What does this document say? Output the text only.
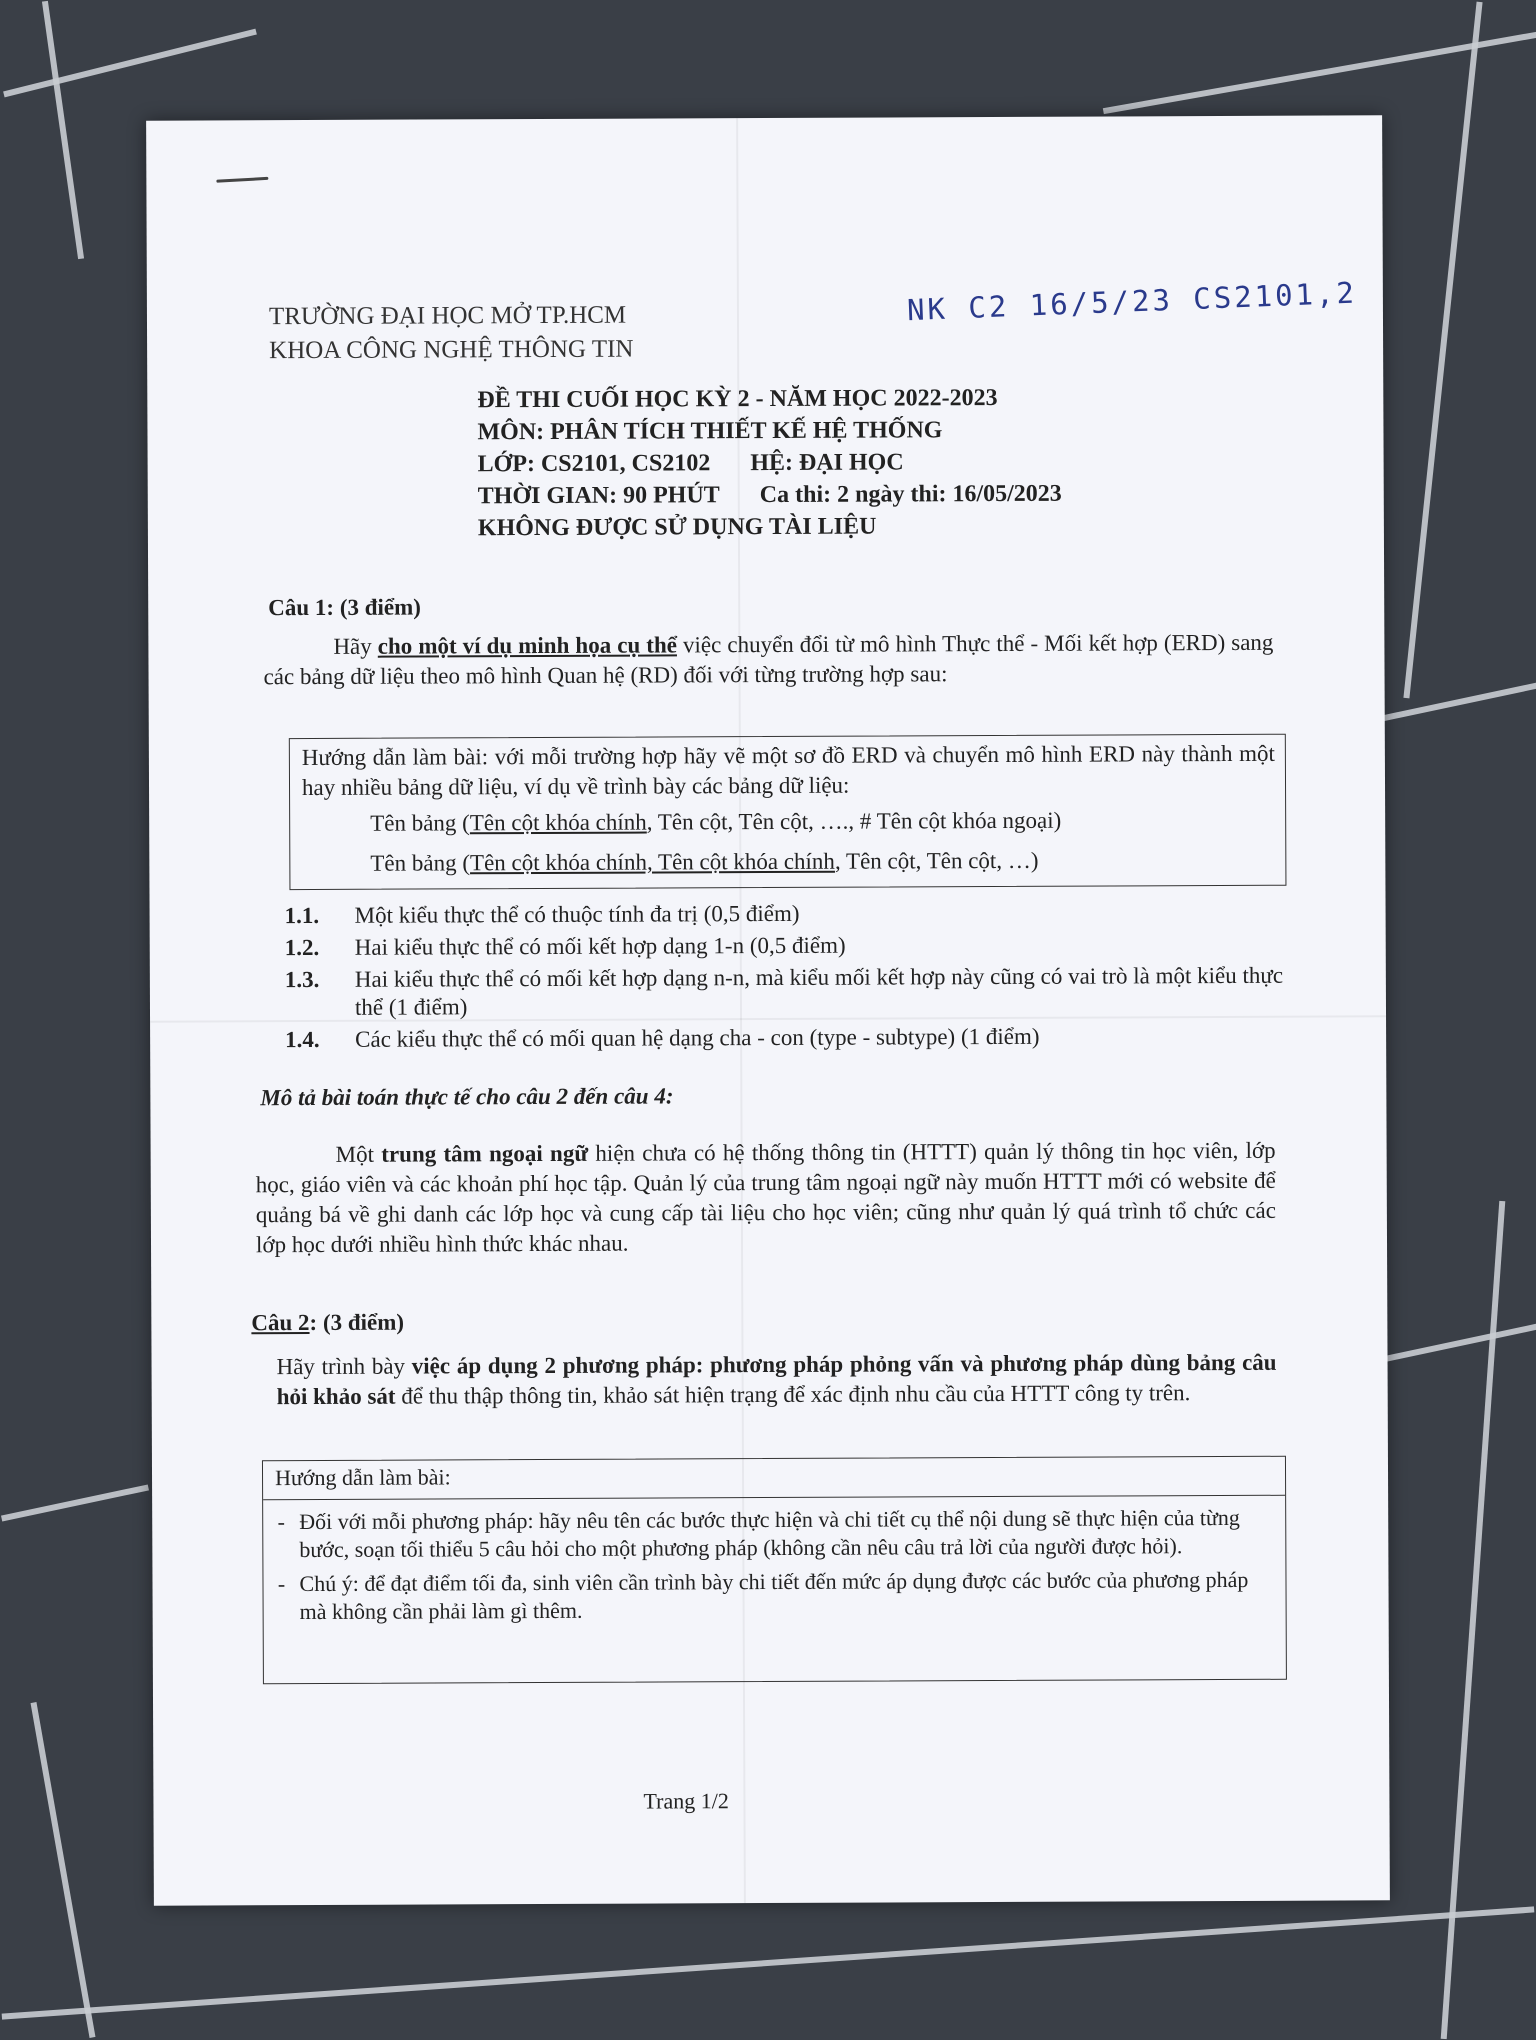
TRƯỜNG ĐẠI HỌC MỞ TP.HCM
KHOA CÔNG NGHỆ THÔNG TIN
NK C2 16/5/23 CS2101,2
ĐỀ THI CUỐI HỌC KỲ 2 - NĂM HỌC 2022-2023
MÔN: PHÂN TÍCH THIẾT KẾ HỆ THỐNG
LỚP: CS2101, CS2102 HỆ: ĐẠI HỌC
THỜI GIAN: 90 PHÚT Ca thi: 2 ngày thi: 16/05/2023
KHÔNG ĐƯỢC SỬ DỤNG TÀI LIỆU
Câu 1: (3 điểm)
Hãy cho một ví dụ minh họa cụ thể việc chuyển đổi từ mô hình Thực thể - Mối kết hợp (ERD) sang các bảng dữ liệu theo mô hình Quan hệ (RD) đối với từng trường hợp sau:
Hướng dẫn làm bài: với mỗi trường hợp hãy vẽ một sơ đồ ERD và chuyển mô hình ERD này thành một hay nhiều bảng dữ liệu, ví dụ về trình bày các bảng dữ liệu:
Tên bảng (Tên cột khóa chính, Tên cột, Tên cột, …., # Tên cột khóa ngoại)
Tên bảng (Tên cột khóa chính, Tên cột khóa chính, Tên cột, Tên cột, …)
1.1.	Một kiểu thực thể có thuộc tính đa trị (0,5 điểm)
1.2.	Hai kiểu thực thể có mối kết hợp dạng 1-n (0,5 điểm)
1.3.	Hai kiểu thực thể có mối kết hợp dạng n-n, mà kiểu mối kết hợp này cũng có vai trò là một kiểu thực thể (1 điểm)
1.4.	Các kiểu thực thể có mối quan hệ dạng cha - con (type - subtype) (1 điểm)
Mô tả bài toán thực tế cho câu 2 đến câu 4:
Một trung tâm ngoại ngữ hiện chưa có hệ thống thông tin (HTTT) quản lý thông tin học viên, lớp học, giáo viên và các khoản phí học tập. Quản lý của trung tâm ngoại ngữ này muốn HTTT mới có website để quảng bá về ghi danh các lớp học và cung cấp tài liệu cho học viên; cũng như quản lý quá trình tổ chức các lớp học dưới nhiều hình thức khác nhau.
Câu 2: (3 điểm)
Hãy trình bày việc áp dụng 2 phương pháp: phương pháp phỏng vấn và phương pháp dùng bảng câu hỏi khảo sát để thu thập thông tin, khảo sát hiện trạng để xác định nhu cầu của HTTT công ty trên.
Hướng dẫn làm bài:
- Đối với mỗi phương pháp: hãy nêu tên các bước thực hiện và chi tiết cụ thể nội dung sẽ thực hiện của từng bước, soạn tối thiểu 5 câu hỏi cho một phương pháp (không cần nêu câu trả lời của người được hỏi).
- Chú ý: để đạt điểm tối đa, sinh viên cần trình bày chi tiết đến mức áp dụng được các bước của phương pháp mà không cần phải làm gì thêm.
Trang 1/2
